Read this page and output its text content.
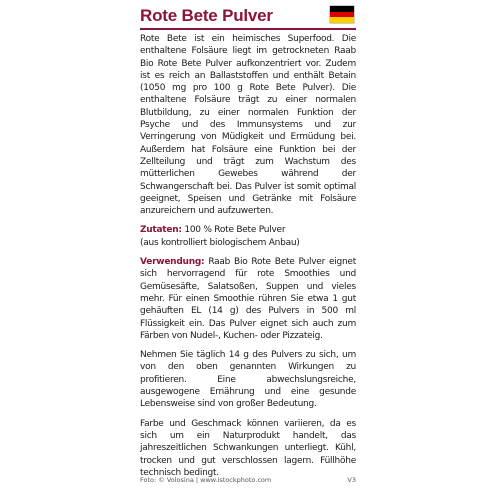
Rote Bete Pulver

Rote Bete ist ein heimisches Superfood. Die enthaltene Folsäure liegt im getrockneten Raab Bio Rote Bete Pulver aufkonzentriert vor. Zudem ist es reich an Ballaststoffen und enthält Betain (1050 mg pro 100 g Rote Bete Pulver). Die enthaltene Folsäure trägt zu einer normalen Blutbildung, zu einer normalen Funktion der Psyche und des Immunsystems und zur Verringerung von Müdigkeit und Ermüdung bei. Außerdem hat Folsäure eine Funktion bei der Zellteilung und trägt zum Wachstum des mütterlichen Gewebes während der Schwangerschaft bei. Das Pulver ist somit optimal geeignet, Speisen und Getränke mit Folsäure anzureichern und aufzuwerten.

Zutaten: 100 % Rote Bete Pulver
(aus kontrolliert biologischem Anbau)

Verwendung: Raab Bio Rote Bete Pulver eignet sich hervorragend für rote Smoothies und Gemüsesäfte, Salatsoßen, Suppen und vieles mehr. Für einen Smoothie rühren Sie etwa 1 gut gehäuften EL (14 g) des Pulvers in 500 ml Flüssigkeit ein. Das Pulver eignet sich auch zum Färben von Nudel-, Kuchen- oder Pizzateig.

Nehmen Sie täglich 14 g des Pulvers zu sich, um von den oben genannten Wirkungen zu profitieren. Eine abwechslungsreiche, ausgewogene Ernährung und eine gesunde Lebensweise sind von großer Bedeutung.

Farbe und Geschmack können variieren, da es sich um ein Naturprodukt handelt, das jahreszeitlichen Schwankungen unterliegt. Kühl, trocken und gut verschlossen lagern. Füllhöhe technisch bedingt.

Foto: © Volosina | www.istockphoto.com	V3
